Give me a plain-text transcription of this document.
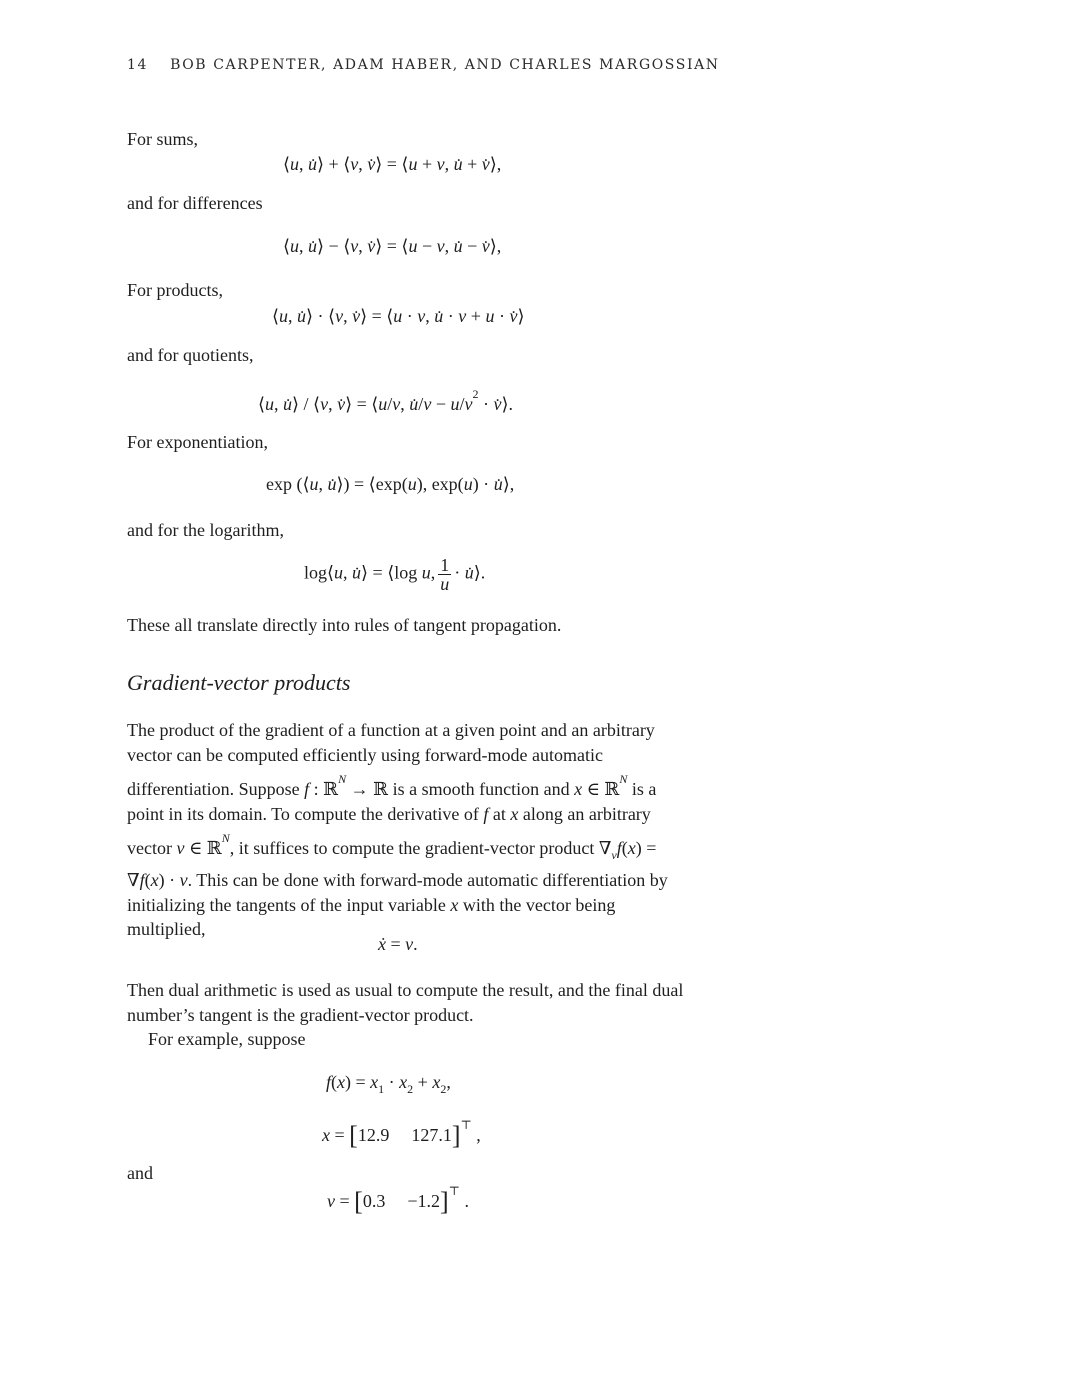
14 BOB CARPENTER, ADAM HABER, AND CHARLES MARGOSSIAN
For sums,
⟨u, u̇⟩ + ⟨v, v̇⟩ = ⟨u + v, u̇ + v̇⟩,
and for differences
⟨u, u̇⟩ − ⟨v, v̇⟩ = ⟨u − v, u̇ − v̇⟩,
For products,
⟨u, u̇⟩ · ⟨v, v̇⟩ = ⟨u · v, u̇ · v + u · v̇⟩
and for quotients,
⟨u, u̇⟩ / ⟨v, v̇⟩ = ⟨u/v, u̇/v − $u/v^2$ · v̇⟩.
For exponentiation,
exp (⟨u, u̇⟩) = ⟨exp(u), exp(u) · u̇⟩,
and for the logarithm,
log⟨u, u̇⟩ = ⟨log u, $\frac{1}{u}$ · u̇⟩.
These all translate directly into rules of tangent propagation.
Gradient-vector products
The product of the gradient of a function at a given point and an arbitrary vector can be computed efficiently using forward-mode automatic differentiation. Suppose f : ℝ$^N$ → ℝ is a smooth function and x ∈ ℝ$^N$ is a point in its domain. To compute the derivative of f at x along an arbitrary vector v ∈ ℝ$^N$, it suffices to compute the gradient-vector product $\nabla_vf(x) = \nabla f(x) \cdot v$. This can be done with forward-mode automatic differentiation by initializing the tangents of the input variable x with the vector being multiplied,
ẋ = v.
Then dual arithmetic is used as usual to compute the result, and the final dual number’s tangent is the gradient-vector product.
For example, suppose
$f(x) = x_1 \cdot x_2 + x_2$,
x = [12.9 127.1]⊤ ,
and
v = [0.3 −1.2]⊤ .
